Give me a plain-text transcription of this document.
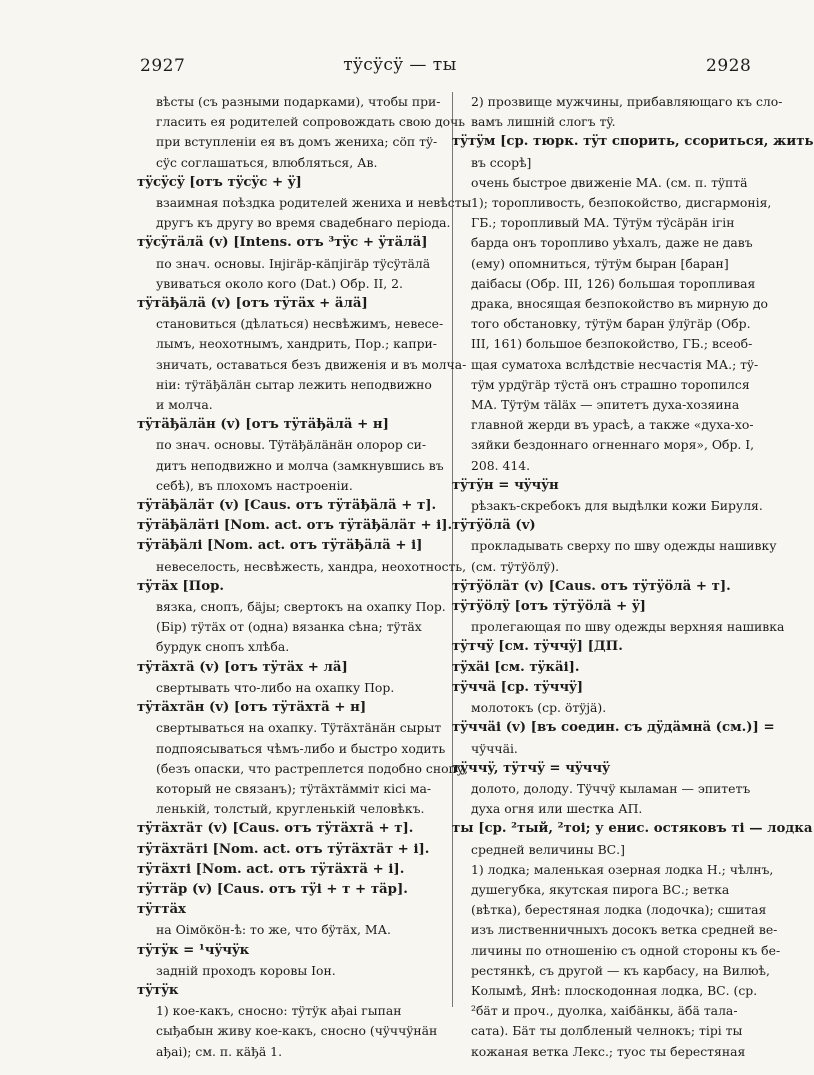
2927	тÿсÿсÿ — ты	2928
вѣсты (съ разными подарками), чтобы при-
гласить ея родителей сопровождать свою дочь
при вступленіи ея въ домъ жениха; сöп тÿ-
сÿс соглашаться, влюбляться, Ав.
тÿсÿсÿ [отъ тÿсÿс + ÿ]
взаимная поѣздка родителей жениха и невѣсты
другъ къ другу во время свадебнаго періода.
тÿсÿтäлä (v) [Intens. отъ ³тÿс + ÿтäлä]
по знач. основы. Інjігäр-кäпjігäр тÿсÿтäлä
увиваться около кого (Dat.) Обр. II, 2.
тÿтäђäлä (v) [отъ тÿтäх + äлä]
становиться (дѣлаться) несвѣжимъ, невесе-
лымъ, неохотнымъ, хандрить, Пор.; капри-
зничать, оставаться безъ движенія и въ молча-
ніи: тÿтäђäлäн сытар лежить неподвижно
и молча.
тÿтäђäлäн (v) [отъ тÿтäђäлä + н]
по знач. основы. Тÿтäђäлäнäн олорор си-
дитъ неподвижно и молча (замкнувшись въ
себѣ), въ плохомъ настроеніи.
тÿтäђäлäт (v) [Caus. отъ тÿтäђäлä + т].
тÿтäђäлäті [Nom. act. отъ тÿтäђäлäт + і].
тÿтäђäлі [Nom. act. отъ тÿтäђäлä + і]
невеселость, несвѣжесть, хандра, неохотность,
тÿтäх [Пор.
вязка, снопъ, бäjы; свертокъ на охапку Пор.
(Бір) тÿтäх от (одна) вязанка сѣна; тÿтäх
бурдук снопъ хлѣба.
тÿтäхтä (v) [отъ тÿтäх + лä]
свертывать что-либо на охапку Пор.
тÿтäхтäн (v) [отъ тÿтäхтä + н]
свертываться на охапку. Тÿтäхтäнäн сырыт
подпоясываться чѣмъ-либо и быстро ходить
(безъ опаски, что растреплется подобно снопу,
который не связанъ); тÿтäхтäммiт кісі ма-
ленькій, толстый, кругленькій человѣкъ.
тÿтäхтäт (v) [Caus. отъ тÿтäхтä + т].
тÿтäхтäті [Nom. act. отъ тÿтäхтäт + і].
тÿтäхті [Nom. act. отъ тÿтäхтä + і].
тÿттäр (v) [Caus. отъ тÿі + т + тäр].
тÿттäх
на Оімöкöн-ѣ: то же, что бÿтäх, МА.
тÿтÿк = ¹чÿчÿк
заднiй проходъ коровы Іон.
тÿтÿк
1) кое-какъ, сносно: тÿтÿк ађаі гыпан
сыђабын живу кое-какъ, сносно (чÿччÿнäн
ађаі); см. п. кäђä 1.
2) прозвище мужчины, прибавляющаго къ сло-
вамъ лишній слогъ тÿ.
тÿтÿм [ср. тюрк. тÿт спорить, ссориться, жить
въ ссорѣ]
очень быстрое движеніе МА. (см. п. тÿптä
1); торопливость, безпокойство, дисгармонія,
ГБ.; торопливый МА. Тÿтÿм тÿсäрäн ігін
барда онъ торопливо уѣхалъ, даже не давъ
(ему) опомниться, тÿтÿм быран [баран]
даiбасы (Обр. III, 126) большая торопливая
дракa, вносящая безпокойство въ мирную до
того обстановку, тÿтÿм баран ÿлÿгäр (Обр.
III, 161) большое безпокойство, ГБ.; всеоб-
щая суматоха вслѣдствіе несчастія МА.; тÿ-
тÿм урдÿгäр тÿстä онъ страшно торопился
МА. Тÿтÿм тäläх — эпитетъ духа-хозяина
главной жерди въ урасѣ, а также «духа-хо-
зяйки бездоннаго огненнаго моря», Обр. I,
208. 414.
тÿтÿн = чÿчÿн
рѣзакъ-скребокъ для выдѣлки кожи Бируля.
тÿтÿöлä (v)
прокладывать сверху по шву одежды нашивку
(см. тÿтÿöлÿ).
тÿтÿöлäт (v) [Caus. отъ тÿтÿöлä + т].
тÿтÿöлÿ [отъ тÿтÿöлä + ÿ]
пролегающая по шву одежды верхняя нашивка
тÿтчÿ [см. тÿччÿ] [ДП.
тÿхäі [см. тÿкäі].
тÿччä [ср. тÿччÿ]
молотокъ (ср. öтÿjä).
тÿччäі (v) [въ соедин. съ дÿдäмнä (см.)] =
чÿччäі.
тÿччÿ, тÿтчÿ = чÿччÿ
долото, долоду. Тÿччÿ кыламан — эпитетъ
духа огня или шестка АП.
ты [ср. ²тый, ²тоі; у енис. остяковъ ті — лодка
средней величины ВС.]
1) лодка; маленькая озерная лодка Н.; чѣлнъ,
душегубка, якутская пирога ВС.; ветка
(вѣтка), берестяная лодка (лодочка); сшитая
изъ лиственничныхъ досокъ ветка средней ве-
личины по отношенію съ одной стороны къ бе-
рестянкѣ, съ другой — къ карбасу, на Вилюѣ,
Колымѣ, Янѣ: плоскодонная лодка, ВС. (ср.
²бäт и проч., дуолка, хаiбäнкы, äбä тала-
сата). Бäт ты долбленый челнокъ; тірі ты
кожаная ветка Лекс.; туос ты берестяная
